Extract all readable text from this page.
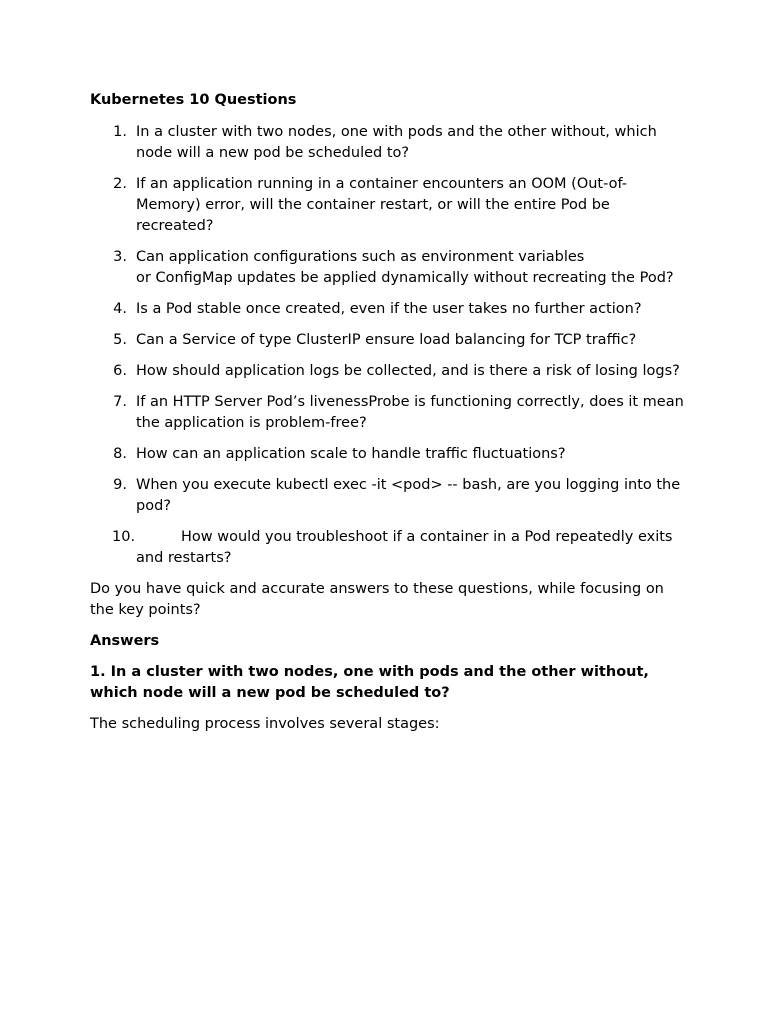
Kubernetes 10 Questions
1. In a cluster with two nodes, one with pods and the other without, which node will a new pod be scheduled to?
2. If an application running in a container encounters an OOM (Out-of-Memory) error, will the container restart, or will the entire Pod be recreated?
3. Can application configurations such as environment variables
or ConfigMap updates be applied dynamically without recreating the Pod?
4. Is a Pod stable once created, even if the user takes no further action?
5. Can a Service of type ClusterIP ensure load balancing for TCP traffic?
6. How should application logs be collected, and is there a risk of losing logs?
7. If an HTTP Server Pod’s livenessProbe is functioning correctly, does it mean the application is problem-free?
8. How can an application scale to handle traffic fluctuations?
9. When you execute kubectl exec -it <pod> -- bash, are you logging into the pod?
10.	How would you troubleshoot if a container in a Pod repeatedly exits and restarts?

Do you have quick and accurate answers to these questions, while focusing on the key points?

Answers

1. In a cluster with two nodes, one with pods and the other without, which node will a new pod be scheduled to?

The scheduling process involves several stages:
